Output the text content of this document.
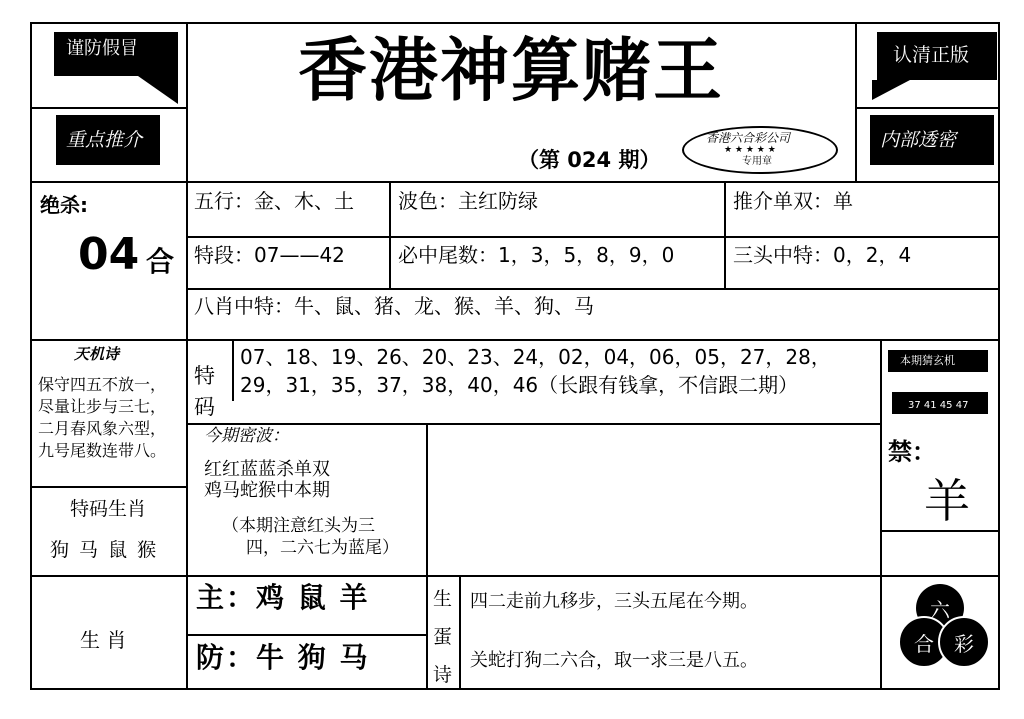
谨防假冒	认清正版
重点推介	内部透密
香港神算赌王
（第 024 期）
香港六合彩公司
★ ★ ★ ★ ★
专用章
绝杀:
04 合
五行：金、木、土 波色：主红防绿	推介单双：单
特段：07——42	必中尾数：1，3，5，8，9，0	三头中特：0，2，4
八肖中特：牛、鼠、猪、龙、猴、羊、狗、马
天机诗
保守四五不放一，
尽量让步与三七，
二月春风象六型，
九号尾数连带八。
特
码
07、18、19、26、20、23、24，02，04，06，05，27，28，
29，31，35，37，38，40，46（长跟有钱拿，不信跟二期）
本期猜玄机
37 41 45 47
今期密波：
红红蓝蓝杀单双
鸡马蛇猴中本期
（本期注意红头为三
四，二六七为蓝尾）
禁：
羊
特码生肖
狗 马 鼠 猴
生 肖
主：鸡 鼠 羊
防：牛 狗 马
生
蛋
诗
四二走前九移步，三头五尾在今期。
关蛇打狗二六合，取一求三是八五。
六
合 彩
